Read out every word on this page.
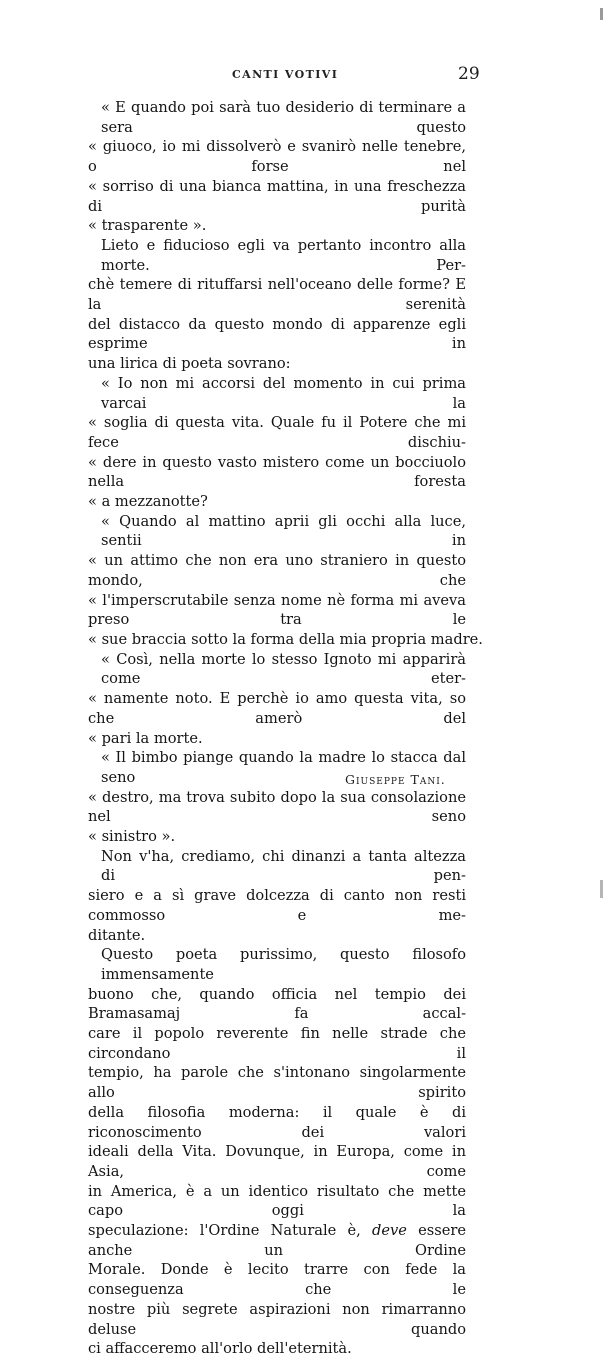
CANTI VOTIVI	29
« E quando poi sarà tuo desiderio di terminare a sera questo
« giuoco, io mi dissolverò e svanirò nelle tenebre, o forse nel
« sorriso di una bianca mattina, in una freschezza di purità
« trasparente ».
Lieto e fiducioso egli va pertanto incontro alla morte. Per-
chè temere di rituffarsi nell'oceano delle forme? E la serenità
del distacco da questo mondo di apparenze egli esprime in
una lirica di poeta sovrano:
« Io non mi accorsi del momento in cui prima varcai la
« soglia di questa vita. Quale fu il Potere che mi fece dischiu-
« dere in questo vasto mistero come un bocciuolo nella foresta
« a mezzanotte?
« Quando al mattino aprii gli occhi alla luce, sentii in
« un attimo che non era uno straniero in questo mondo, che
« l'imperscrutabile senza nome nè forma mi aveva preso tra le
« sue braccia sotto la forma della mia propria madre.
« Così, nella morte lo stesso Ignoto mi apparirà come eter-
« namente noto. E perchè io amo questa vita, so che amerò del
« pari la morte.
« Il bimbo piange quando la madre lo stacca dal seno
« destro, ma trova subito dopo la sua consolazione nel seno
« sinistro ».
Non v'ha, crediamo, chi dinanzi a tanta altezza di pen-
siero e a sì grave dolcezza di canto non resti commosso e me-
ditante.
Questo poeta purissimo, questo filosofo immensamente
buono che, quando officia nel tempio dei Bramasamaj fa accal-
care il popolo reverente fin nelle strade che circondano il
tempio, ha parole che s'intonano singolarmente allo spirito
della filosofia moderna: il quale è di riconoscimento dei valori
ideali della Vita. Dovunque, in Europa, come in Asia, come
in America, è a un identico risultato che mette capo oggi la
speculazione: l'Ordine Naturale è, deve essere anche un Ordine
Morale. Donde è lecito trarre con fede la conseguenza che le
nostre più segrete aspirazioni non rimarranno deluse quando
ci affacceremo all'orlo dell'eternità.
Giuseppe Tani.
